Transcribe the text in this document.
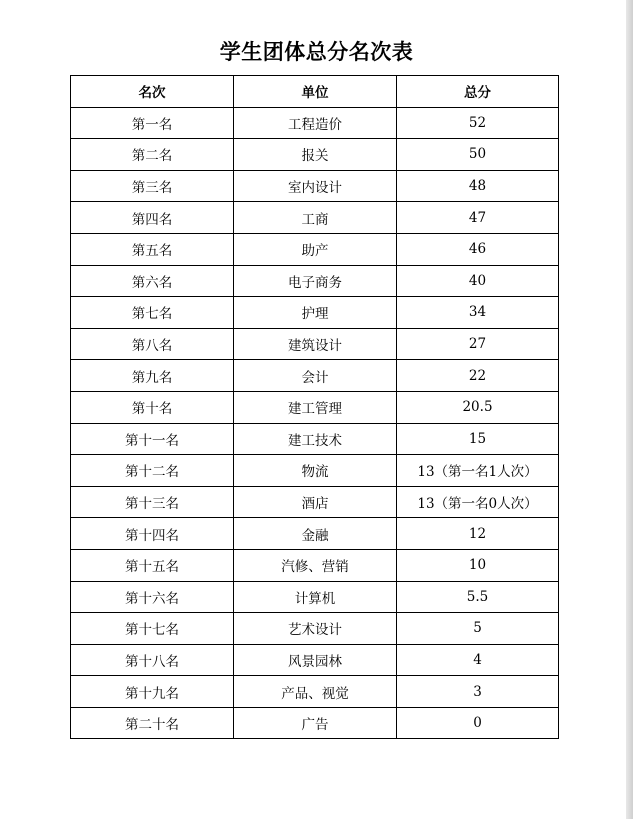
学生团体总分名次表
名次	单位	总分
第一名	工程造价	52
第二名	报关	50
第三名	室内设计	48
第四名	工商	47
第五名	助产	46
第六名	电子商务	40
第七名	护理	34
第八名	建筑设计	27
第九名	会计	22
第十名	建工管理	20.5
第十一名	建工技术	15
第十二名	物流	13（第一名1人次）
第十三名	酒店	13（第一名0人次）
第十四名	金融	12
第十五名	汽修、营销	10
第十六名	计算机	5.5
第十七名	艺术设计	5
第十八名	风景园林	4
第十九名	产品、视觉	3
第二十名	广告	0
